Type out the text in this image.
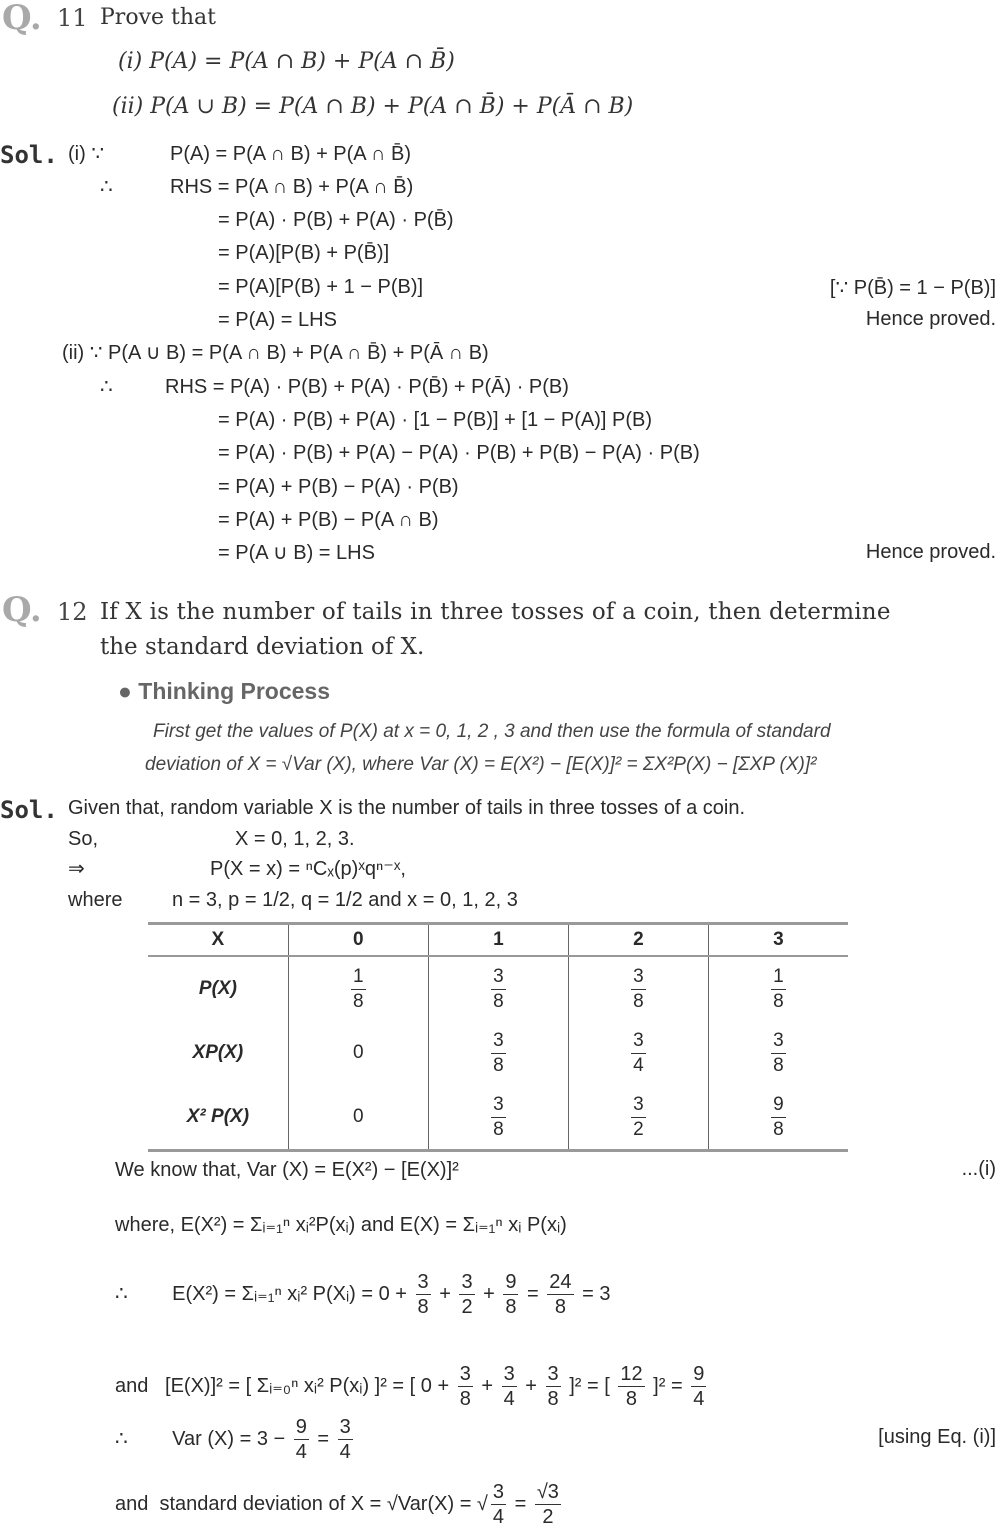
Q. 11 Prove that
(i) P(A) = P(A ∩ B) + P(A ∩ B̄)
(ii) P(A ∪ B) = P(A ∩ B) + P(A ∩ B̄) + P(Ā ∩ B)
Sol. (i) ∵	P(A) = P(A ∩ B) + P(A ∩ B̄)
∴	RHS = P(A ∩ B) + P(A ∩ B̄)
= P(A) · P(B) + P(A) · P(B̄)
= P(A)[P(B) + P(B̄)]
= P(A)[P(B) + 1 − P(B)]	[∵ P(B̄) = 1 − P(B)]
= P(A) = LHS	Hence proved.
(ii) ∵ P(A ∪ B) = P(A ∩ B) + P(A ∩ B̄) + P(Ā ∩ B)
∴	RHS = P(A) · P(B) + P(A) · P(B̄) + P(Ā) · P(B)
= P(A) · P(B) + P(A) · [1 − P(B)] + [1 − P(A)] P(B)
= P(A) · P(B) + P(A) − P(A) · P(B) + P(B) − P(A) · P(B)
= P(A) + P(B) − P(A) · P(B)
= P(A) + P(B) − P(A ∩ B)
= P(A ∪ B) = LHS	Hence proved.
Q. 12 If X is the number of tails in three tosses of a coin, then determine
the standard deviation of X.
● Thinking Process
First get the values of P(X) at x = 0, 1, 2 , 3 and then use the formula of standard
deviation of X = √Var (X), where Var (X) = E(X²) − [E(X)]² = ΣX²P(X) − [ΣXP (X)]²
Sol. Given that, random variable X is the number of tails in three tosses of a coin.
So,	X = 0, 1, 2, 3.
⇒	P(X = x) = ⁿCₓ(p)ˣqⁿ⁻ˣ,
where n = 3, p = 1/2, q = 1/2 and x = 0, 1, 2, 3
X	0	1	2	3
P(X)	$\frac{1}{8}$	$\frac{3}{8}$	$\frac{3}{8}$	$\frac{1}{8}$

XP(X)	0	$\frac{3}{8}$	$\frac{3}{4}$	$\frac{3}{8}$

X² P(X)	0	$\frac{3}{8}$	$\frac{3}{2}$	$\frac{9}{8}$
We know that, Var (X) = E(X²) − [E(X)]²	...(i)
where, E(X²) = Σᵢ₌₁ⁿ xᵢ²P(xᵢ) and E(X) = Σᵢ₌₁ⁿ xᵢ P(xᵢ)
∴        E(X²) = Σᵢ₌₁ⁿ xᵢ² P(Xᵢ) = $0 + \frac{3}{8} + \frac{3}{2} + \frac{9}{8} = \frac{24}{8} = 3$
and   [E(X)]² = [ Σᵢ₌₀ⁿ xᵢ² P(xᵢ) ]² = [ $0 + \frac{3}{8} + \frac{3}{4} + \frac{3}{8} ]^2$ = [ $\frac{12}{8} ]^2 = \frac{9}{4}$
∴        Var $(X) = 3 - \frac{9}{4} = \frac{3}{4}$	[using Eq. (i)]
and  standard deviation of X = √Var(X) = √ $\frac{3}{4} = \frac{√3}{2}$
